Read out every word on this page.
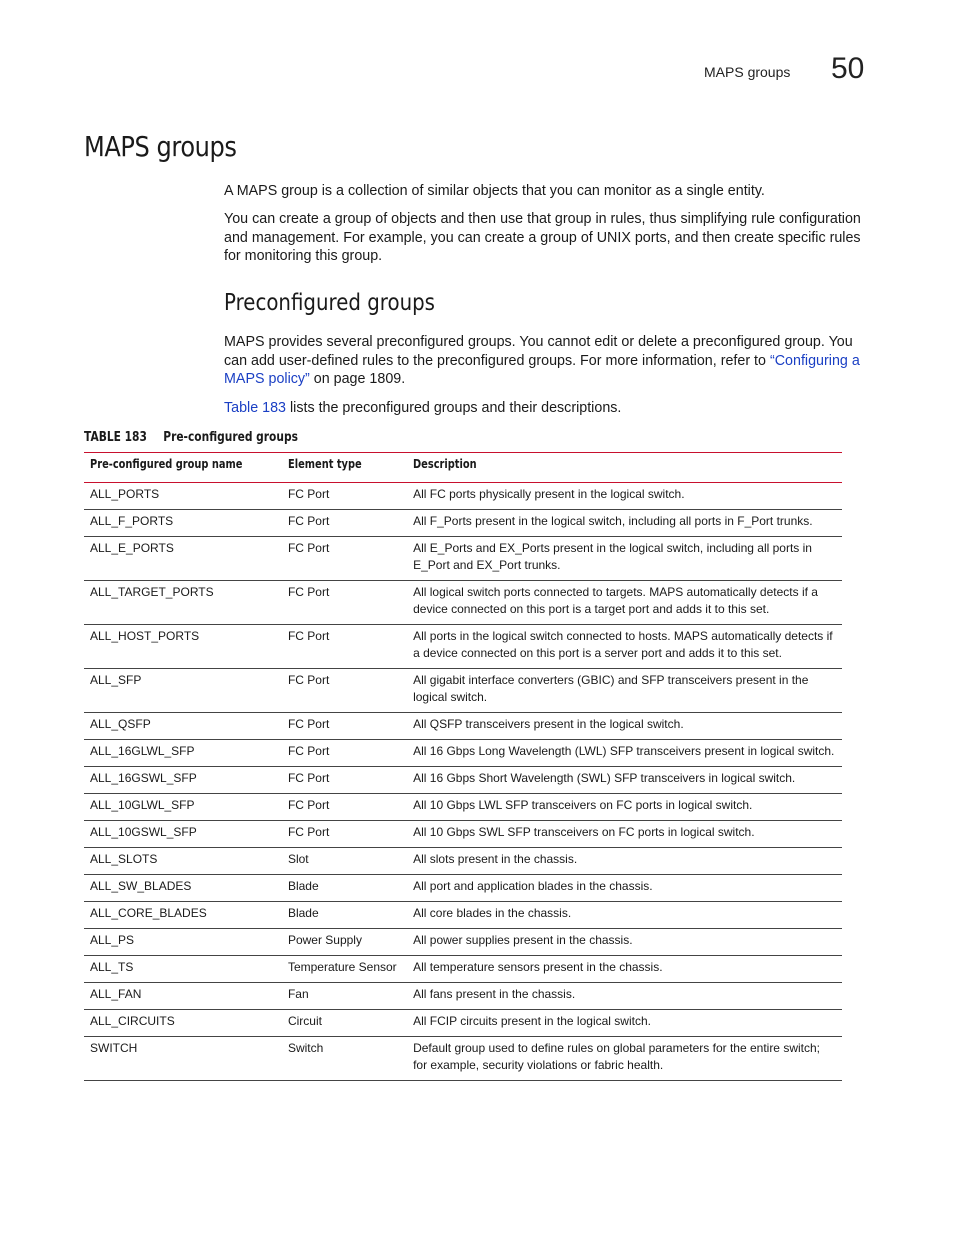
MAPS groups 50
MAPS groups

A MAPS group is a collection of similar objects that you can monitor as a single entity.

You can create a group of objects and then use that group in rules, thus simplifying rule configuration and management. For example, you can create a group of UNIX ports, and then create specific rules for monitoring this group.

Preconfigured groups

MAPS provides several preconfigured groups. You cannot edit or delete a preconfigured group. You can add user-defined rules to the preconfigured groups. For more information, refer to “Configuring a MAPS policy” on page 1809.

Table 183 lists the preconfigured groups and their descriptions.

TABLE 183 Pre-configured groups
Pre-configured group name	Element type	Description
ALL_PORTS	FC Port	All FC ports physically present in the logical switch.
ALL_F_PORTS	FC Port	All F_Ports present in the logical switch, including all ports in F_Port trunks.
ALL_E_PORTS	FC Port	All E_Ports and EX_Ports present in the logical switch, including all ports in E_Port and EX_Port trunks.
ALL_TARGET_PORTS	FC Port	All logical switch ports connected to targets. MAPS automatically detects if a device connected on this port is a target port and adds it to this set.
ALL_HOST_PORTS	FC Port	All ports in the logical switch connected to hosts. MAPS automatically detects if a device connected on this port is a server port and adds it to this set.
ALL_SFP	FC Port	All gigabit interface converters (GBIC) and SFP transceivers present in the logical switch.
ALL_QSFP	FC Port	All QSFP transceivers present in the logical switch.
ALL_16GLWL_SFP	FC Port	All 16 Gbps Long Wavelength (LWL) SFP transceivers present in logical switch.
ALL_16GSWL_SFP	FC Port	All 16 Gbps Short Wavelength (SWL) SFP transceivers in logical switch.
ALL_10GLWL_SFP	FC Port	All 10 Gbps LWL SFP transceivers on FC ports in logical switch.
ALL_10GSWL_SFP	FC Port	All 10 Gbps SWL SFP transceivers on FC ports in logical switch.
ALL_SLOTS	Slot	All slots present in the chassis.
ALL_SW_BLADES	Blade	All port and application blades in the chassis.
ALL_CORE_BLADES	Blade	All core blades in the chassis.
ALL_PS	Power Supply	All power supplies present in the chassis.
ALL_TS	Temperature Sensor	All temperature sensors present in the chassis.
ALL_FAN	Fan	All fans present in the chassis.
ALL_CIRCUITS	Circuit	All FCIP circuits present in the logical switch.
SWITCH	Switch	Default group used to define rules on global parameters for the entire switch; for example, security violations or fabric health.
